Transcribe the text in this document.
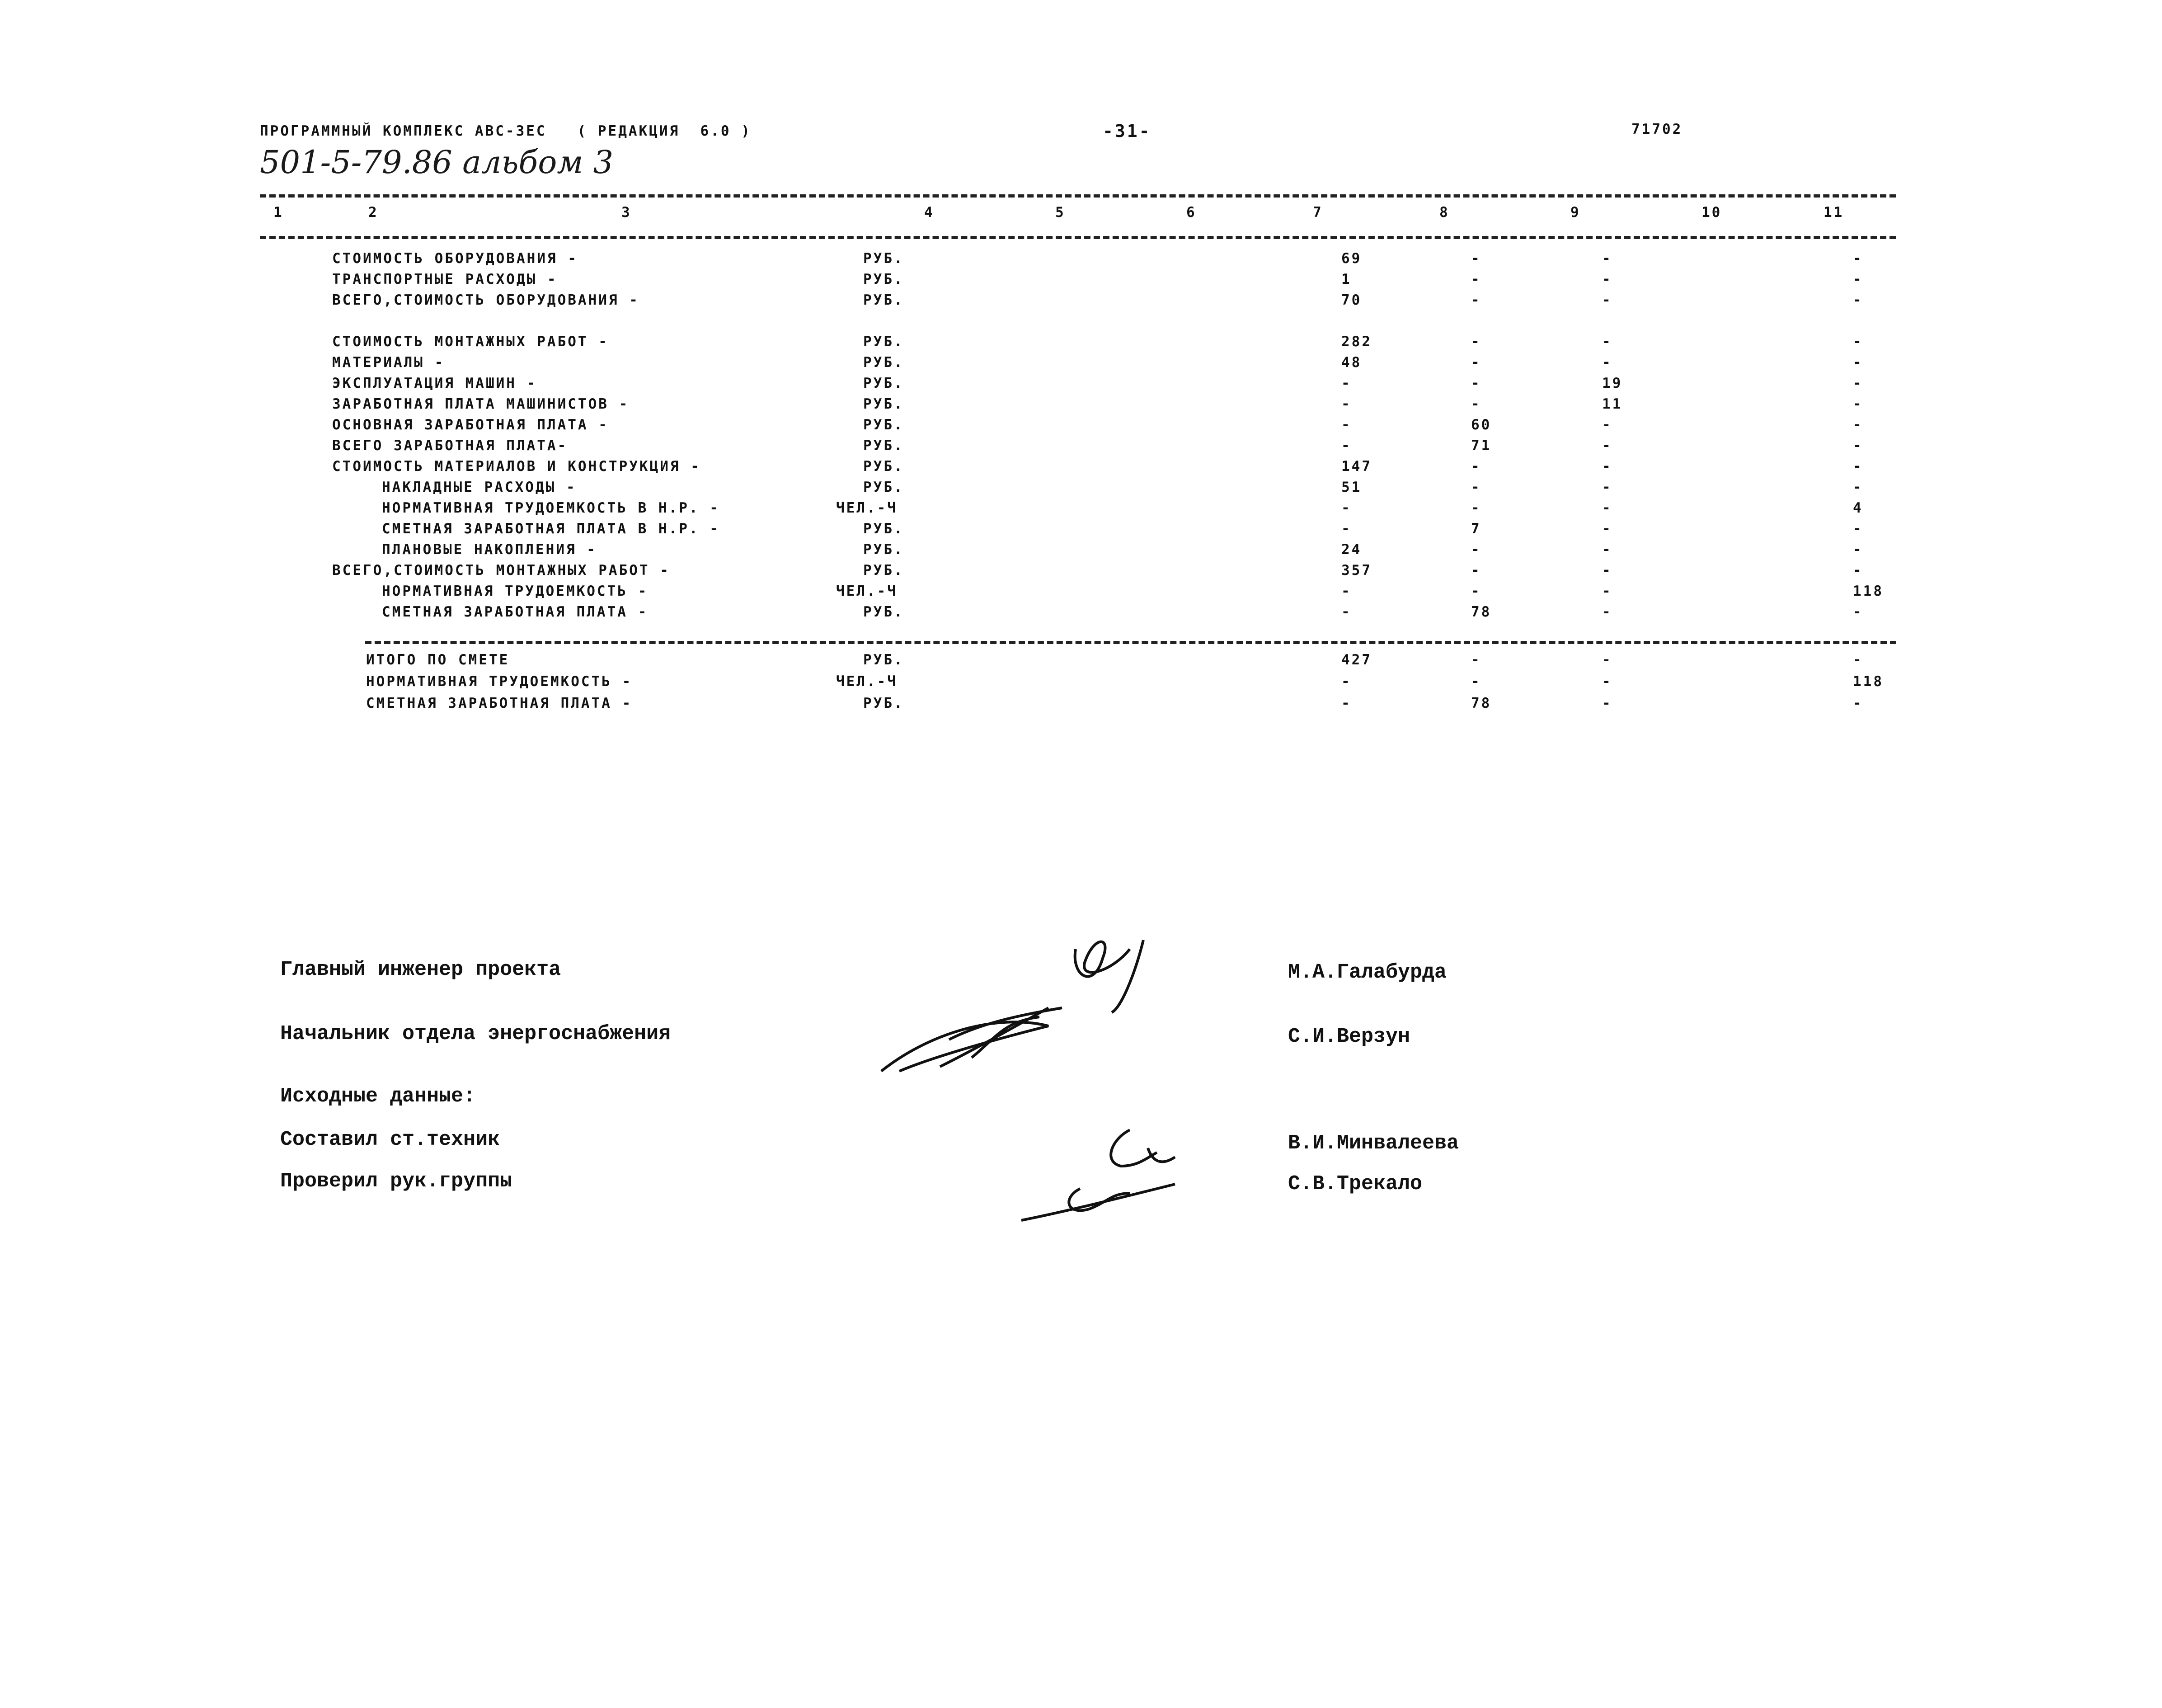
ПРОГРАММНЫЙ КОМПЛЕКС АВС-3ЕС   ( РЕДАКЦИЯ  6.0 )	-31-	71702
501-5-79.86 альбом 3
1	2	3	4	5	6	7	8	9	10	11
СТОИМОСТЬ ОБОРУДОВАНИЯ -	РУБ.	69	-	-	-
ТРАНСПОРТНЫЕ РАСХОДЫ -	РУБ.	1	-	-	-
ВСЕГО,СТОИМОСТЬ ОБОРУДОВАНИЯ -	РУБ.	70	-	-	-
СТОИМОСТЬ МОНТАЖНЫХ РАБОТ -	РУБ.	282	-	-	-
МАТЕРИАЛЫ -	РУБ.	48	-	-	-
ЭКСПЛУАТАЦИЯ МАШИН -	РУБ.	-	-	19	-
ЗАРАБОТНАЯ ПЛАТА МАШИНИСТОВ -	РУБ.	-	-	11	-
ОСНОВНАЯ ЗАРАБОТНАЯ ПЛАТА -	РУБ.	-	60	-	-
ВСЕГО ЗАРАБОТНАЯ ПЛАТА-	РУБ.	-	71	-	-
СТОИМОСТЬ МАТЕРИАЛОВ И КОНСТРУКЦИЯ -	РУБ.	147	-	-	-
НАКЛАДНЫЕ РАСХОДЫ -	РУБ.	51	-	-	-
НОРМАТИВНАЯ ТРУДОЕМКОСТЬ В Н.Р. -	ЧЕЛ.-Ч	-	-	-	4
СМЕТНАЯ ЗАРАБОТНАЯ ПЛАТА В Н.Р. -	РУБ.	-	7	-	-
ПЛАНОВЫЕ НАКОПЛЕНИЯ -	РУБ.	24	-	-	-
ВСЕГО,СТОИМОСТЬ МОНТАЖНЫХ РАБОТ -	РУБ.	357	-	-	-
НОРМАТИВНАЯ ТРУДОЕМКОСТЬ -	ЧЕЛ.-Ч	-	-	-	118
СМЕТНАЯ ЗАРАБОТНАЯ ПЛАТА -	РУБ.	-	78	-	-
ИТОГО ПО СМЕТЕ	РУБ.	427	-	-	-
НОРМАТИВНАЯ ТРУДОЕМКОСТЬ -	ЧЕЛ.-Ч	-	-	-	118
СМЕТНАЯ ЗАРАБОТНАЯ ПЛАТА -	РУБ.	-	78	-	-
Главный инженер проекта	М.А.Галабурда
Начальник отдела энергоснабжения	С.И.Верзун
Исходные данные:
Составил ст.техник	В.И.Минвалеева
Проверил рук.группы	С.В.Трекало
